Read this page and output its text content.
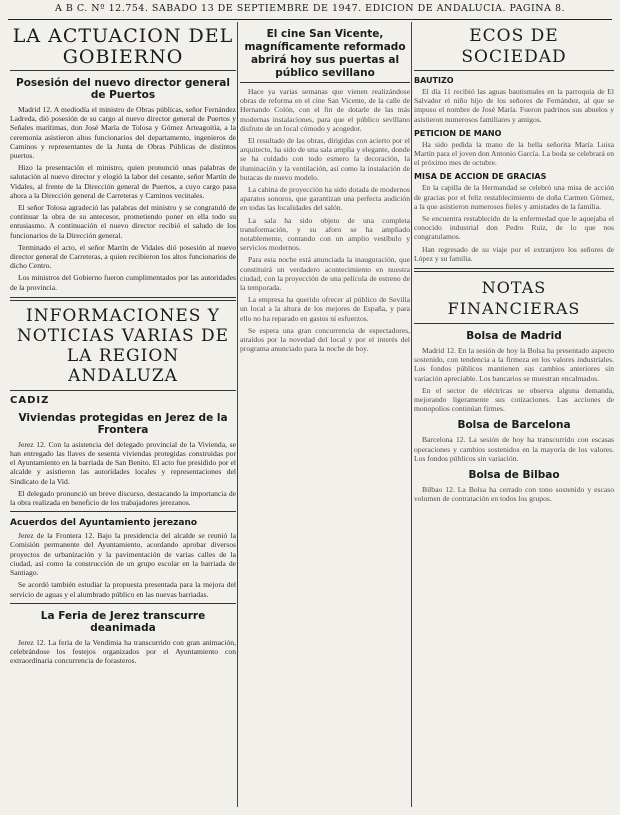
A B C. Nº 12.754. SABADO 13 DE SEPTIEMBRE DE 1947. EDICION DE ANDALUCIA. PAGINA 8.
LA ACTUACION DEL GOBIERNO
Posesión del nuevo director general de Puertos

Madrid 12. A mediodía el ministro de Obras públicas, señor Fernández Ladreda, dió posesión de su cargo al nuevo director general de Puertos y Señales marítimas, don José María de Tolosa y Gómez Arteagoitia, a la ceremonia asistieron altos funcionarios del departamento, ingenieros de Caminos y representantes de la Junta de Obras Públicas de distintos puertos.

Hizo la presentación el ministro, quien pronunció unas palabras de salutación al nuevo director y elogió la labor del cesante, señor Martín de Vidales, al frente de la Dirección general de Puertos, a cuyo cargo pasa ahora a la Dirección general de Carreteras y Caminos vecinales.

El señor Tolosa agradeció las palabras del ministro y se congratuló de continuar la obra de su antecesor, prometiendo poner en ella todo su entusiasmo. A continuación el nuevo director recibió el saludo de los funcionarios de la Dirección general.

Terminado el acto, el señor Martín de Vidales dió posesión al nuevo director general de Carreteras, a quien recibieron los altos funcionarios de dicho Centro.

Los ministros del Gobierno fueron cumplimentados por las autoridades de la provincia.

INFORMACIONES Y NOTICIAS VARIAS DE LA REGION ANDALUZA
CADIZ
Viviendas protegidas en Jerez de la Frontera

Jerez 12. Con la asistencia del delegado provincial de la Vivienda, se han entregado las llaves de sesenta viviendas protegidas construidas por el Ayuntamiento en la barriada de San Benito. El acto fue presidido por el alcalde y asistieron las autoridades locales y representaciones del Sindicato de la Vid.

El delegado pronunció un breve discurso, destacando la importancia de la obra realizada en beneficio de los trabajadores jerezanos.

Acuerdos del Ayuntamiento jerezano

Jerez de la Frontera 12. Bajo la presidencia del alcalde se reunió la Comisión permanente del Ayuntamiento, acordando aprobar diversos proyectos de urbanización y la pavimentación de varias calles de la ciudad, así como la construcción de un grupo escolar en la barriada de Santiago.

Se acordó también estudiar la propuesta presentada para la mejora del servicio de aguas y el alumbrado público en las nuevas barriadas.

La Feria de Jerez transcurre deanimada

Jerez 12. La feria de la Vendimia ha transcurrido con gran animación, celebrándose los festejos organizados por el Ayuntamiento con extraordinaria concurrencia de forasteros.

El cine San Vicente, magníficamente reformado abrirá hoy sus puertas al público sevillano

Hace ya varias semanas que vienen realizándose obras de reforma en el cine San Vicente, de la calle de Hernando Colón, con el fin de dotarle de las más modernas instalaciones, para que el público sevillano disfrute de un local cómodo y acogedor.

El resultado de las obras, dirigidas con acierto por el arquitecto, ha sido de una sala amplia y elegante, donde se ha cuidado con todo esmero la decoración, la iluminación y la ventilación, así como la instalación de butacas de nuevo modelo.

La cabina de proyección ha sido dotada de modernos aparatos sonoros, que garantizan una perfecta audición en todas las localidades del salón.

La sala ha sido objeto de una completa transformación, y su aforo se ha ampliado notablemente, contando con un amplio vestíbulo y servicios modernos.

Para esta noche está anunciada la inauguración, que constituirá un verdadero acontecimiento en nuestra ciudad, con la proyección de una película de estreno de la temporada.

La empresa ha querido ofrecer al público de Sevilla un local a la altura de los mejores de España, y para ello no ha reparado en gastos ni esfuerzos.

Se espera una gran concurrencia de espectadores, atraídos por la novedad del local y por el interés del programa anunciado para la noche de hoy.

ECOS DE SOCIEDAD
BAUTIZO

El día 11 recibió las aguas bautismales en la parroquia de El Salvador el niño hijo de los señores de Fernández, al que se impuso el nombre de José María. Fueron padrinos sus abuelos y asistieron numerosos familiares y amigos.

PETICION DE MANO

Ha sido pedida la mano de la bella señorita María Luisa Martín para el joven don Antonio García. La boda se celebrará en el próximo mes de octubre.

MISA DE ACCION DE GRACIAS

En la capilla de la Hermandad se celebró una misa de acción de gracias por el feliz restablecimiento de doña Carmen Gómez, a la que asistieron numerosos fieles y amistades de la familia.

Se encuentra restablecido de la enfermedad que le aquejaba el conocido industrial don Pedro Ruiz, de lo que nos congratulamos.

Han regresado de su viaje por el extranjero los señores de López y su familia.

NOTAS FINANCIERAS
Bolsa de Madrid

Madrid 12. En la sesión de hoy la Bolsa ha presentado aspecto sostenido, con tendencia a la firmeza en los valores industriales. Los fondos públicos mantienen sus cambios anteriores sin variación apreciable. Los bancarios se muestran encalmados.

En el sector de eléctricas se observa alguna demanda, mejorando ligeramente sus cotizaciones. Las acciones de monopolios continúan firmes.

Bolsa de Barcelona

Barcelona 12. La sesión de hoy ha transcurrido con escasas operaciones y cambios sostenidos en la mayoría de los valores. Los fondos públicos sin variación.

Bolsa de Bilbao

Bilbao 12. La Bolsa ha cerrado con tono sostenido y escaso volumen de contratación en todos los grupos.
